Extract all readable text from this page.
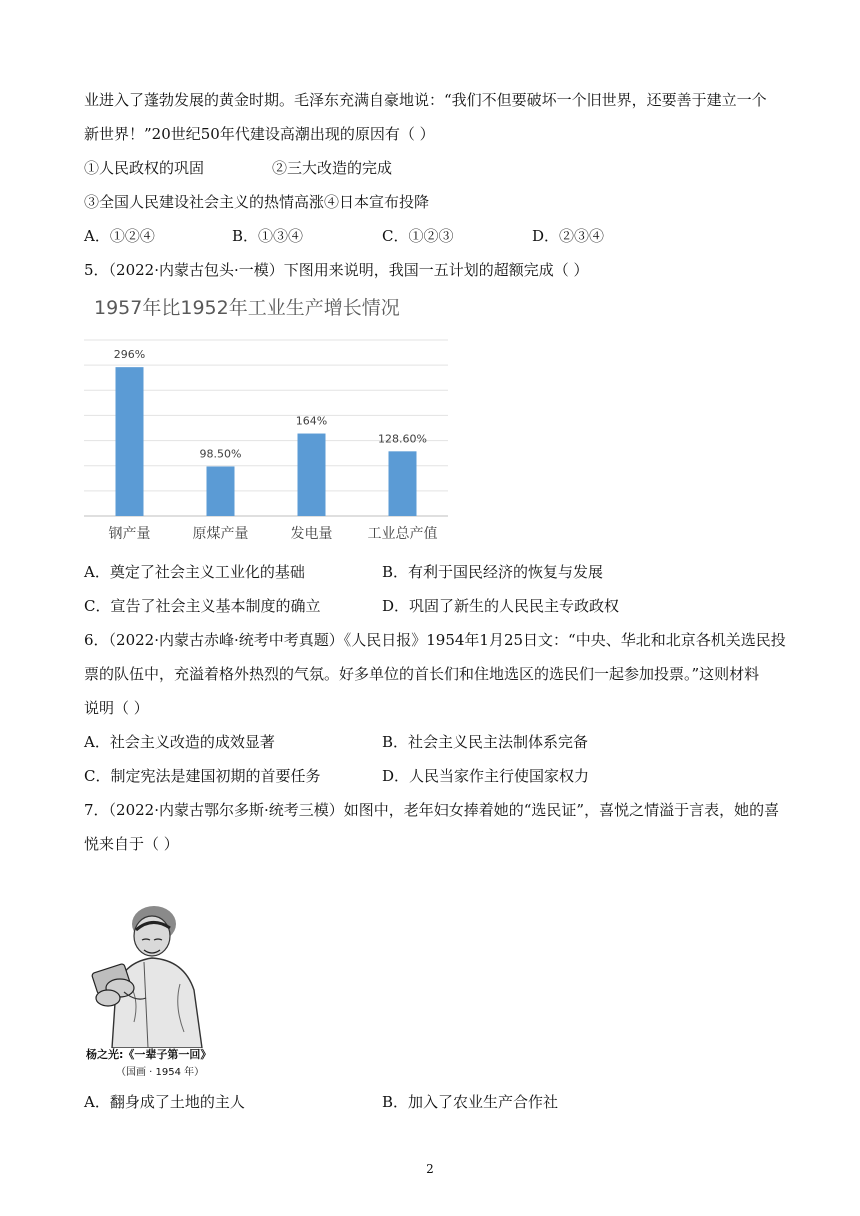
业进入了蓬勃发展的黄金时期。毛泽东充满自豪地说：“我们不但要破坏一个旧世界，还要善于建立一个
新世界！”20世纪50年代建设高潮出现的原因有（ ）
①人民政权的巩固	②三大改造的完成
③全国人民建设社会主义的热情高涨④日本宣布投降
A．①②④	B．①③④	C．①②③	D．②③④
5．（2022·内蒙古包头·一模）下图用来说明，我国一五计划的超额完成（ ）
1957年比1952年工业生产增长情况
296%
98.50%
164%
128.60%
钢产量	原煤产量	发电量	工业总产值
A．奠定了社会主义工业化的基础	B．有利于国民经济的恢复与发展
C．宣告了社会主义基本制度的确立	D．巩固了新生的人民民主专政政权
6．（2022·内蒙古赤峰·统考中考真题）《人民日报》1954年1月25日文：“中央、华北和北京各机关选民投
票的队伍中，充溢着格外热烈的气氛。好多单位的首长们和住地选区的选民们一起参加投票。”这则材料
说明（ ）
A．社会主义改造的成效显著	B．社会主义民主法制体系完备
C．制定宪法是建国初期的首要任务	D．人民当家作主行使国家权力
7．（2022·内蒙古鄂尔多斯·统考三模）如图中，老年妇女捧着她的“选民证”，喜悦之情溢于言表，她的喜
悦来自于（ ）
杨之光:《一辈子第一回》
（国画 · 1954 年）
A．翻身成了土地的主人	B．加入了农业生产合作社
2
